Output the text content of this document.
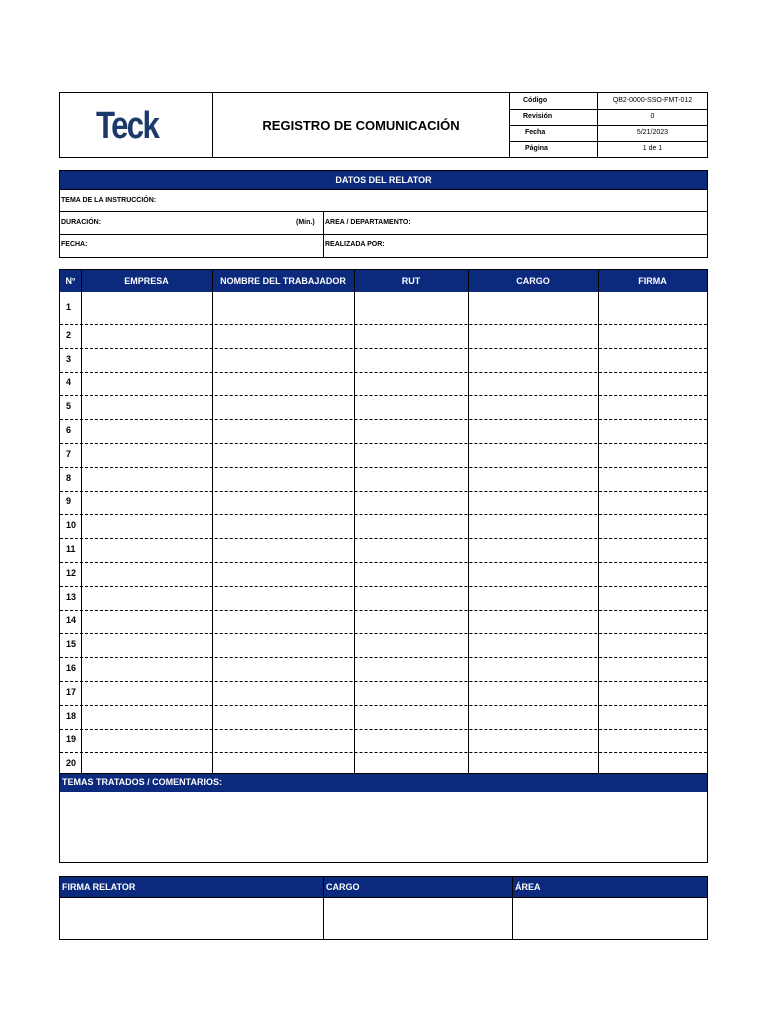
Teck	REGISTRO DE COMUNICACIÓN
Código	QB2-0000-SSO-FMT-012
Revisión	0
Fecha	5/21/2023
Página	1 de 1
DATOS DEL RELATOR
TEMA DE LA INSTRUCCIÓN:
DURACIÓN:	(Min.) AREA / DEPARTAMENTO:
FECHA:	REALIZADA POR:
N°	EMPRESA	NOMBRE DEL TRABAJADOR	RUT	CARGO	FIRMA
1
2
3
4
5
6
7
8
9
10
11
12
13
14
15
16
17
18
19
20
TEMAS TRATADOS / COMENTARIOS:
FIRMA RELATOR	CARGO	ÁREA
